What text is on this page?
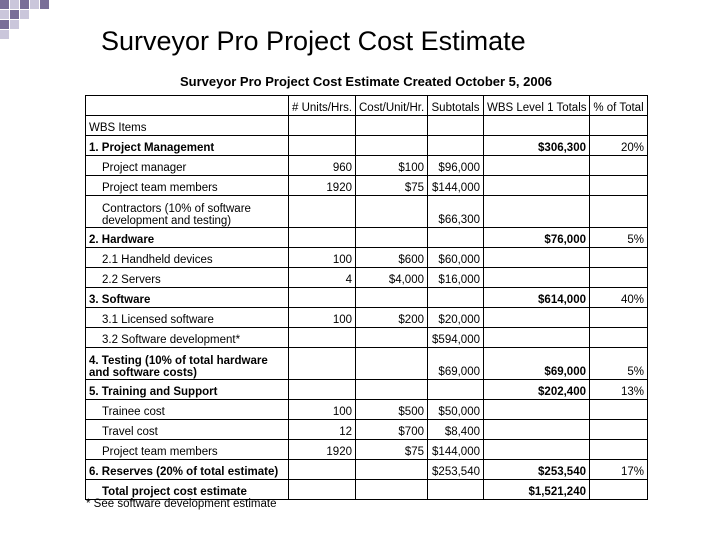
Surveyor Pro Project Cost Estimate
Surveyor Pro Project Cost Estimate Created October 5, 2006
	# Units/Hrs.	Cost/Unit/Hr.	Subtotals	WBS Level 1 Totals	% of Total
WBS Items					
1. Project Management				$306,300	20%
Project manager	960	$100	$96,000		
Project team members	1920	$75	$144,000		
Contractors (10% of software development and testing)			$66,300		
2. Hardware				$76,000	5%
2.1 Handheld devices	100	$600	$60,000		
2.2 Servers	4	$4,000	$16,000		
3. Software				$614,000	40%
3.1 Licensed software	100	$200	$20,000		
3.2 Software development*			$594,000		
4. Testing (10% of total hardware and software costs)			$69,000	$69,000	5%
5. Training and Support				$202,400	13%
Trainee cost	100	$500	$50,000		
Travel cost	12	$700	$8,400		
Project team members	1920	$75	$144,000		
6. Reserves (20% of total estimate)			$253,540	$253,540	17%
Total project cost estimate				$1,521,240	
* See software development estimate
